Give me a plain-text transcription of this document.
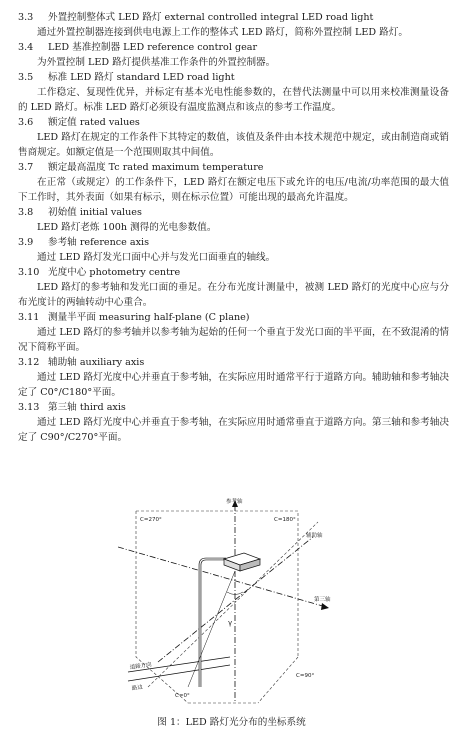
3.3 外置控制整体式 LED 路灯 external controlled integral LED road light
通过外置控制器连接到供电电源上工作的整体式 LED 路灯，简称外置控制 LED 路灯。
3.4 LED 基准控制器 LED reference control gear
为外置控制 LED 路灯提供基准工作条件的外置控制器。
3.5 标准 LED 路灯 standard LED road light
工作稳定、复现性优异，并标定有基本光电性能参数的，在替代法测量中可以用来校准测量设备的 LED 路灯。标准 LED 路灯必须设有温度监测点和该点的参考工作温度。
3.6 额定值 rated values
LED 路灯在规定的工作条件下其特定的数值，该值及条件由本技术规范中规定，或由制造商或销售商规定。如额定值是一个范围则取其中间值。
3.7 额定最高温度 Tc rated maximum temperature
在正常（或规定）的工作条件下，LED 路灯在额定电压下或允许的电压/电流/功率范围的最大值下工作时，其外表面（如果有标示，则在标示位置）可能出现的最高允许温度。
3.8 初始值 initial values
LED 路灯老炼 100h 测得的光电参数值。
3.9 参考轴 reference axis
通过 LED 路灯发光口面中心并与发光口面垂直的轴线。
3.10 光度中心 photometry centre
LED 路灯的参考轴和发光口面的垂足。在分布光度计测量中，被测 LED 路灯的光度中心应与分布光度计的两轴转动中心重合。
3.11 测量半平面 measuring half-plane (C plane)
通过 LED 路灯的参考轴并以参考轴为起始的任何一个垂直于发光口面的半平面，在不致混淆的情况下简称平面。
3.12 辅助轴 auxiliary axis
通过 LED 路灯光度中心并垂直于参考轴，在实际应用时通常平行于道路方向。辅助轴和参考轴决定了 C0°/C180°平面。
3.13 第三轴 third axis
通过 LED 路灯光度中心并垂直于参考轴，在实际应用时通常垂直于道路方向。第三轴和参考轴决定了 C90°/C270°平面。
参考轴
辅助轴
第三轴
C=270°	C=180°
C=0°
C=90°
γ
道路方向
路边
图 1：LED 路灯光分布的坐标系统
